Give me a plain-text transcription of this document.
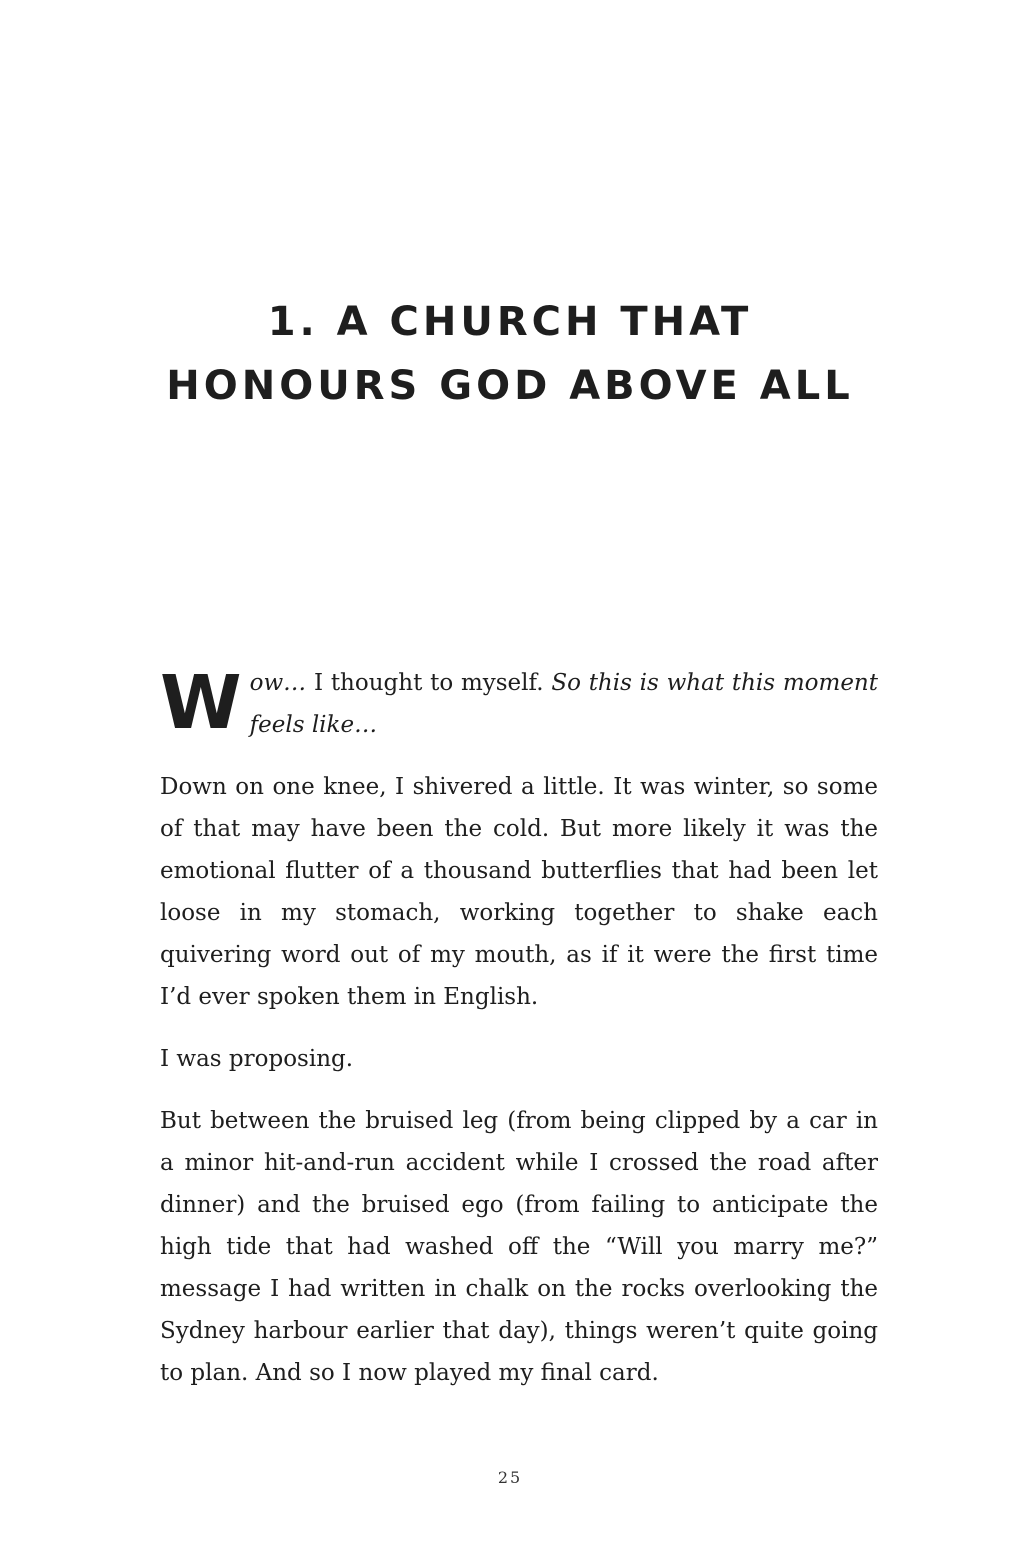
1. A CHURCH THAT
HONOURS GOD ABOVE ALL

Wow… I thought to myself. So this is what this moment feels like…

Down on one knee, I shivered a little. It was winter, so some of that may have been the cold. But more likely it was the emotional flutter of a thousand butterflies that had been let loose in my stomach, working together to shake each quivering word out of my mouth, as if it were the first time I’d ever spoken them in English.

I was proposing.

But between the bruised leg (from being clipped by a car in a minor hit-and-run accident while I crossed the road after dinner) and the bruised ego (from failing to anticipate the high tide that had washed off the “Will you marry me?” message I had written in chalk on the rocks overlooking the Sydney harbour earlier that day), things weren’t quite going to plan. And so I now played my final card.

25
